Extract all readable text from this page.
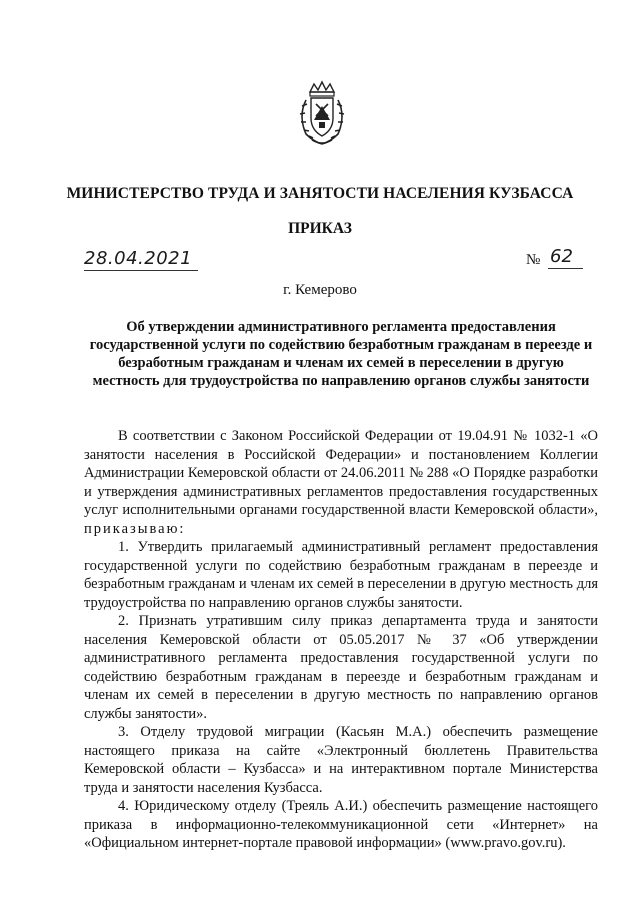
МИНИСТЕРСТВО ТРУДА И ЗАНЯТОСТИ НАСЕЛЕНИЯ КУЗБАССА
ПРИКАЗ
28.04.2021	№ 62
г. Кемерово
Об утверждении административного регламента предоставления государственной услуги по содействию безработным гражданам в переезде и безработным гражданам и членам их семей в переселении в другую местность для трудоустройства по направлению органов службы занятости

В соответствии с Законом Российской Федерации от 19.04.91 № 1032-1 «О занятости населения в Российской Федерации» и постановлением Коллегии Администрации Кемеровской области от 24.06.2011 № 288 «О Порядке разработки и утверждения административных регламентов предоставления государственных услуг исполнительными органами государственной власти Кемеровской области», приказываю:

1. Утвердить прилагаемый административный регламент предоставления государственной услуги по содействию безработным гражданам в переезде и безработным гражданам и членам их семей в переселении в другую местность для трудоустройства по направлению органов службы занятости.

2. Признать утратившим силу приказ департамента труда и занятости населения Кемеровской области от 05.05.2017 № 37 «Об утверждении административного регламента предоставления государственной услуги по содействию безработным гражданам в переезде и безработным гражданам и членам их семей в переселении в другую местность по направлению органов службы занятости».

3. Отделу трудовой миграции (Касьян М.А.) обеспечить размещение настоящего приказа на сайте «Электронный бюллетень Правительства Кемеровской области – Кузбасса» и на интерактивном портале Министерства труда и занятости населения Кузбасса.

4. Юридическому отделу (Треяль А.И.) обеспечить размещение настоящего приказа в информационно-телекоммуникационной сети «Интернет» на «Официальном интернет-портале правовой информации» (www.pravo.gov.ru).
